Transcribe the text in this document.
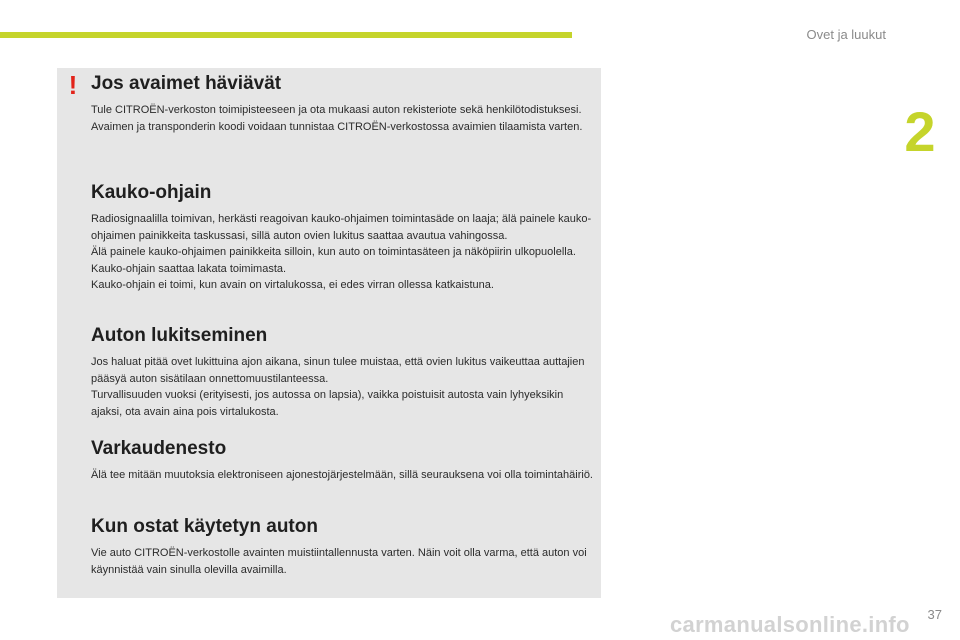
Ovet ja luukut
2
! Jos avaimet häviävät

Tule CITROËN-verkoston toimipisteeseen ja ota mukaasi auton rekisteriote sekä henkilötodistuksesi.

Avaimen ja transponderin koodi voidaan tunnistaa CITROËN-verkostossa avaimien tilaamista varten.

Kauko-ohjain

Radiosignaalilla toimivan, herkästi reagoivan kauko-ohjaimen toimintasäde on laaja; älä painele kauko-ohjaimen painikkeita taskussasi, sillä auton ovien lukitus saattaa avautua vahingossa.

Älä painele kauko-ohjaimen painikkeita silloin, kun auto on toimintasäteen ja näköpiirin ulkopuolella. Kauko-ohjain saattaa lakata toimimasta.

Kauko-ohjain ei toimi, kun avain on virtalukossa, ei edes virran ollessa katkaistuna.

Auton lukitseminen

Jos haluat pitää ovet lukittuina ajon aikana, sinun tulee muistaa, että ovien lukitus vaikeuttaa auttajien pääsyä auton sisätilaan onnettomuustilanteessa.

Turvallisuuden vuoksi (erityisesti, jos autossa on lapsia), vaikka poistuisit autosta vain lyhyeksikin ajaksi, ota avain aina pois virtalukosta.

Varkaudenesto

Älä tee mitään muutoksia elektroniseen ajonestojärjestelmään, sillä seurauksena voi olla toimintahäiriö.

Kun ostat käytetyn auton

Vie auto CITROËN-verkostolle avainten muistiintallennusta varten. Näin voit olla varma, että auton voi käynnistää vain sinulla olevilla avaimilla.

37
carmanualsonline.info
